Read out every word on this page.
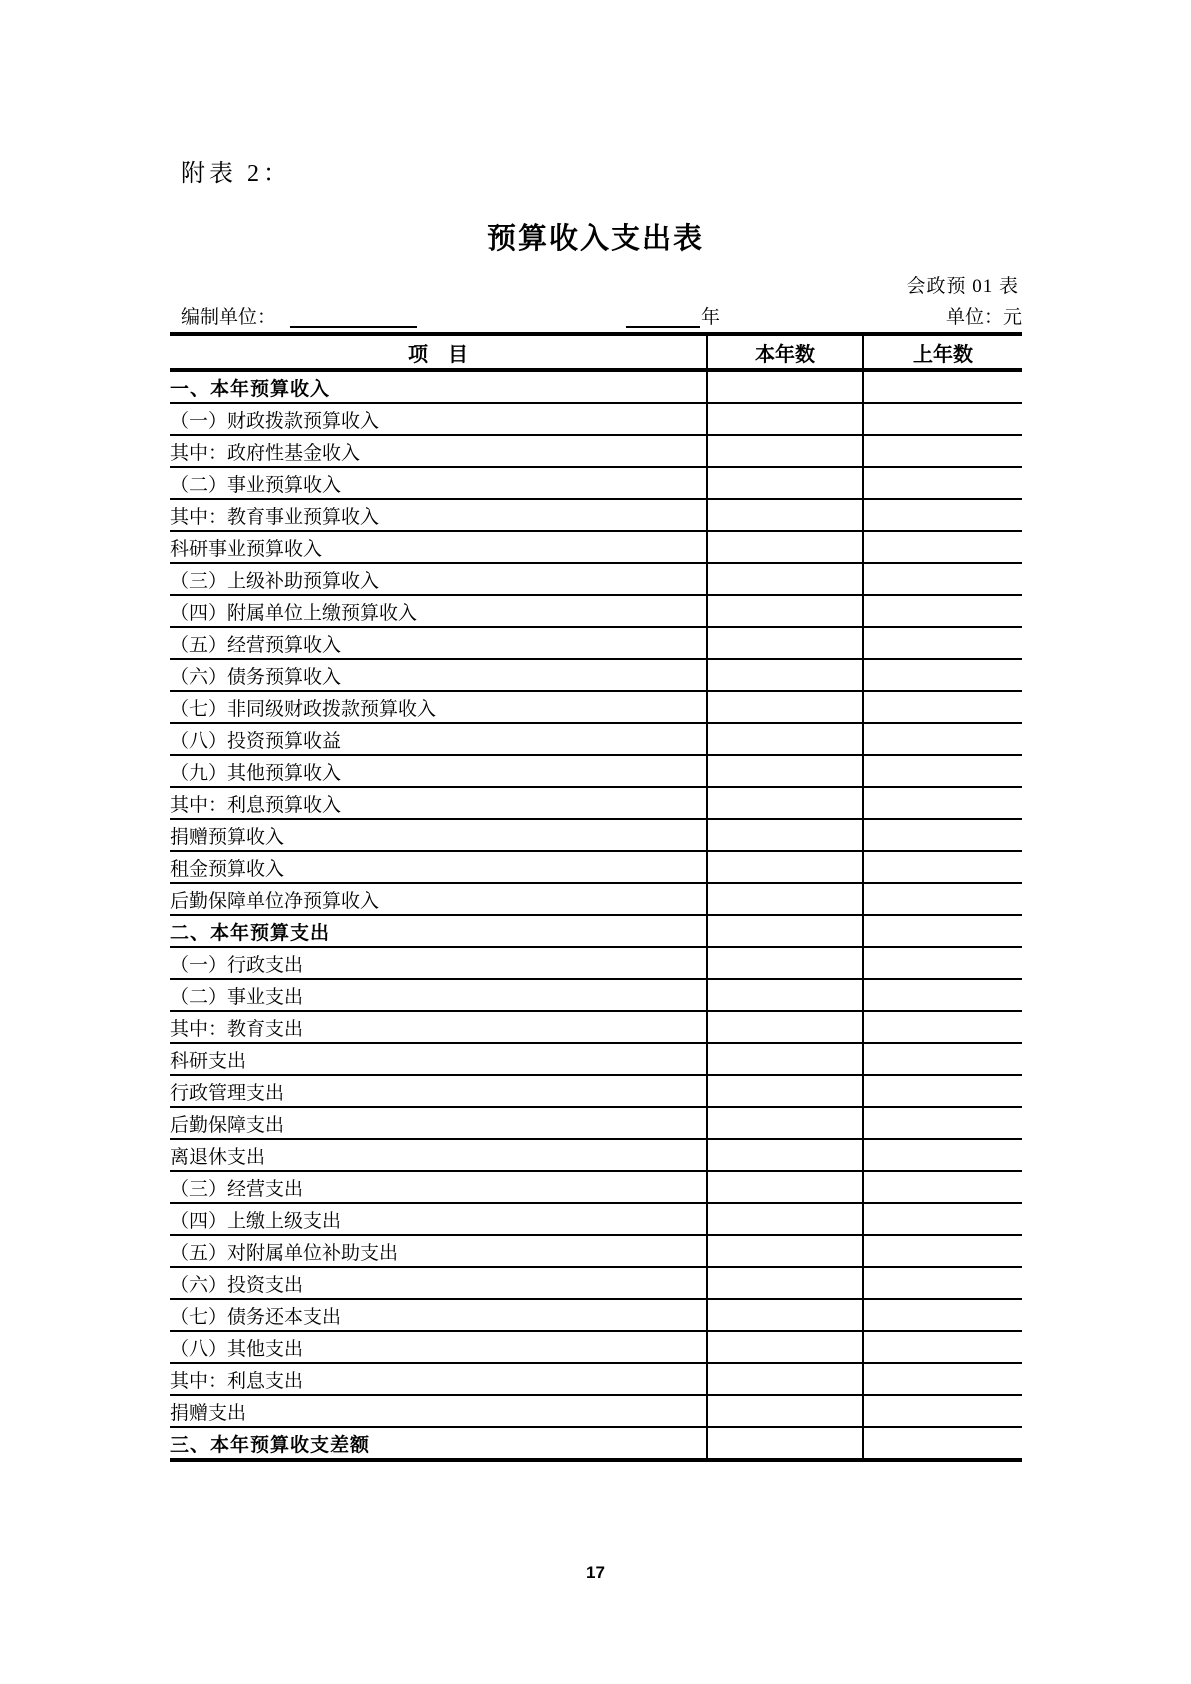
附表 2：
预算收入支出表
会政预 01 表
编制单位：	年	单位：元
项　目	本年数	上年数
一、本年预算收入		
（一）财政拨款预算收入		
其中：政府性基金收入		
（二）事业预算收入		
其中：教育事业预算收入		
科研事业预算收入		
（三）上级补助预算收入		
（四）附属单位上缴预算收入		
（五）经营预算收入		
（六）债务预算收入		
（七）非同级财政拨款预算收入		
（八）投资预算收益		
（九）其他预算收入		
其中：利息预算收入		
捐赠预算收入		
租金预算收入		
后勤保障单位净预算收入		
二、本年预算支出		
（一）行政支出		
（二）事业支出		
其中：教育支出		
科研支出		
行政管理支出		
后勤保障支出		
离退休支出		
（三）经营支出		
（四）上缴上级支出		
（五）对附属单位补助支出		
（六）投资支出		
（七）债务还本支出		
（八）其他支出		
其中：利息支出		
捐赠支出		
三、本年预算收支差额		
17
